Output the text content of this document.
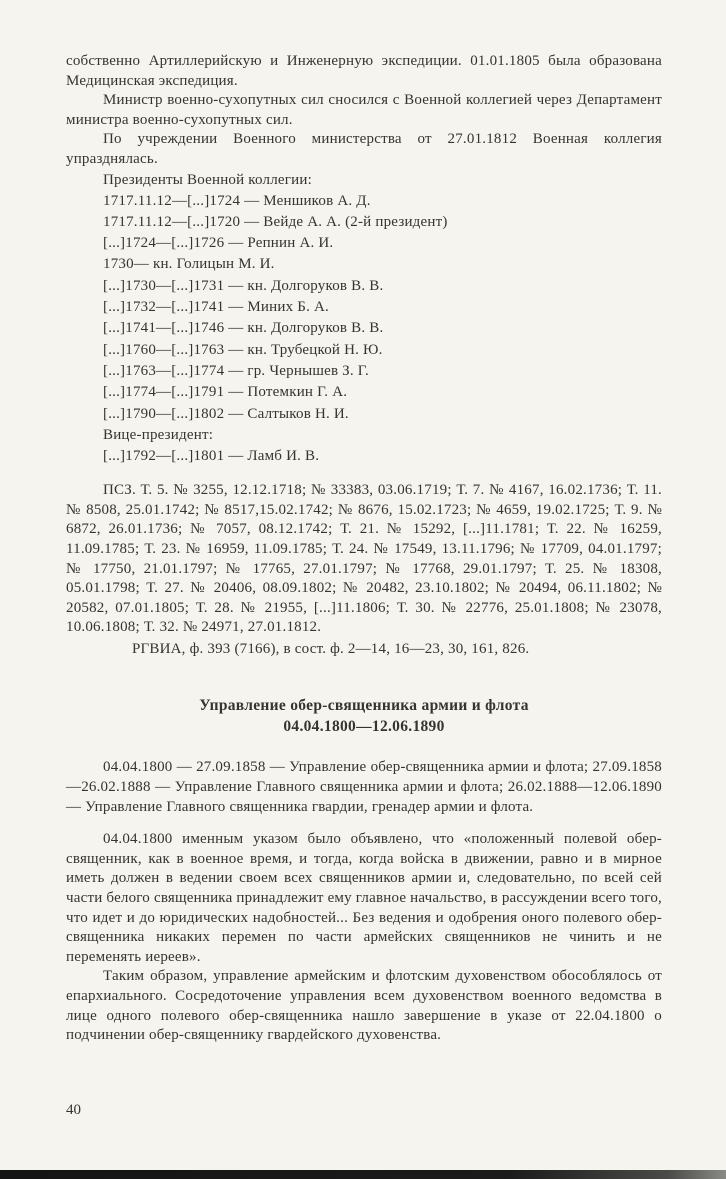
собственно Артиллерийскую и Инженерную экспедиции. 01.01.1805 была образована Медицинская экспедиция.

Министр военно-сухопутных сил сносился с Военной коллегией через Департамент министра военно-сухопутных сил.

По учреждении Военного министерства от 27.01.1812 Военная коллегия упразднялась.

Президенты Военной коллегии:
1717.11.12—[...]1724 — Меншиков А. Д.
1717.11.12—[...]1720 — Вейде А. А. (2-й президент)
[...]1724—[...]1726 — Репнин А. И.
1730— кн. Голицын М. И.
[...]1730—[...]1731 — кн. Долгоруков В. В.
[...]1732—[...]1741 — Миних Б. А.
[...]1741—[...]1746 — кн. Долгоруков В. В.
[...]1760—[...]1763 — кн. Трубецкой Н. Ю.
[...]1763—[...]1774 — гр. Чернышев З. Г.
[...]1774—[...]1791 — Потемкин Г. А.
[...]1790—[...]1802 — Салтыков Н. И.
Вице-президент:
[...]1792—[...]1801 — Ламб И. В.

ПСЗ. Т. 5. № 3255, 12.12.1718; № 33383, 03.06.1719; Т. 7. № 4167, 16.02.1736; Т. 11. № 8508, 25.01.1742; № 8517,15.02.1742; № 8676, 15.02.1723; № 4659, 19.02.1725; Т. 9. № 6872, 26.01.1736; № 7057, 08.12.1742; Т. 21. № 15292, [...]11.1781; Т. 22. № 16259, 11.09.1785; Т. 23. № 16959, 11.09.1785; Т. 24. № 17549, 13.11.1796; № 17709, 04.01.1797; № 17750, 21.01.1797; № 17765, 27.01.1797; № 17768, 29.01.1797; Т. 25. № 18308, 05.01.1798; Т. 27. № 20406, 08.09.1802; № 20482, 23.10.1802; № 20494, 06.11.1802; № 20582, 07.01.1805; Т. 28. № 21955, [...]11.1806; Т. 30. № 22776, 25.01.1808; № 23078, 10.06.1808; Т. 32. № 24971, 27.01.1812.

РГВИА, ф. 393 (7166), в сост. ф. 2—14, 16—23, 30, 161, 826.

Управление обер-священника армии и флота
04.04.1800—12.06.1890

04.04.1800 — 27.09.1858 — Управление обер-священника армии и флота; 27.09.1858—26.02.1888 — Управление Главного священника армии и флота; 26.02.1888—12.06.1890 — Управление Главного священника гвардии, гренадер армии и флота.

04.04.1800 именным указом было объявлено, что «положенный полевой обер-священник, как в военное время, и тогда, когда войска в движении, равно и в мирное иметь должен в ведении своем всех священников армии и, следовательно, по всей сей части белого священника принадлежит ему главное начальство, в рассуждении всего того, что идет и до юридических надобностей... Без ведения и одобрения оного полевого обер-священника никаких перемен по части армейских священников не чинить и не переменять иереев».

Таким образом, управление армейским и флотским духовенством обособлялось от епархиального. Сосредоточение управления всем духовенством военного ведомства в лице одного полевого обер-священника нашло завершение в указе от 22.04.1800 о подчинении обер-священнику гвардейского духовенства.

40
